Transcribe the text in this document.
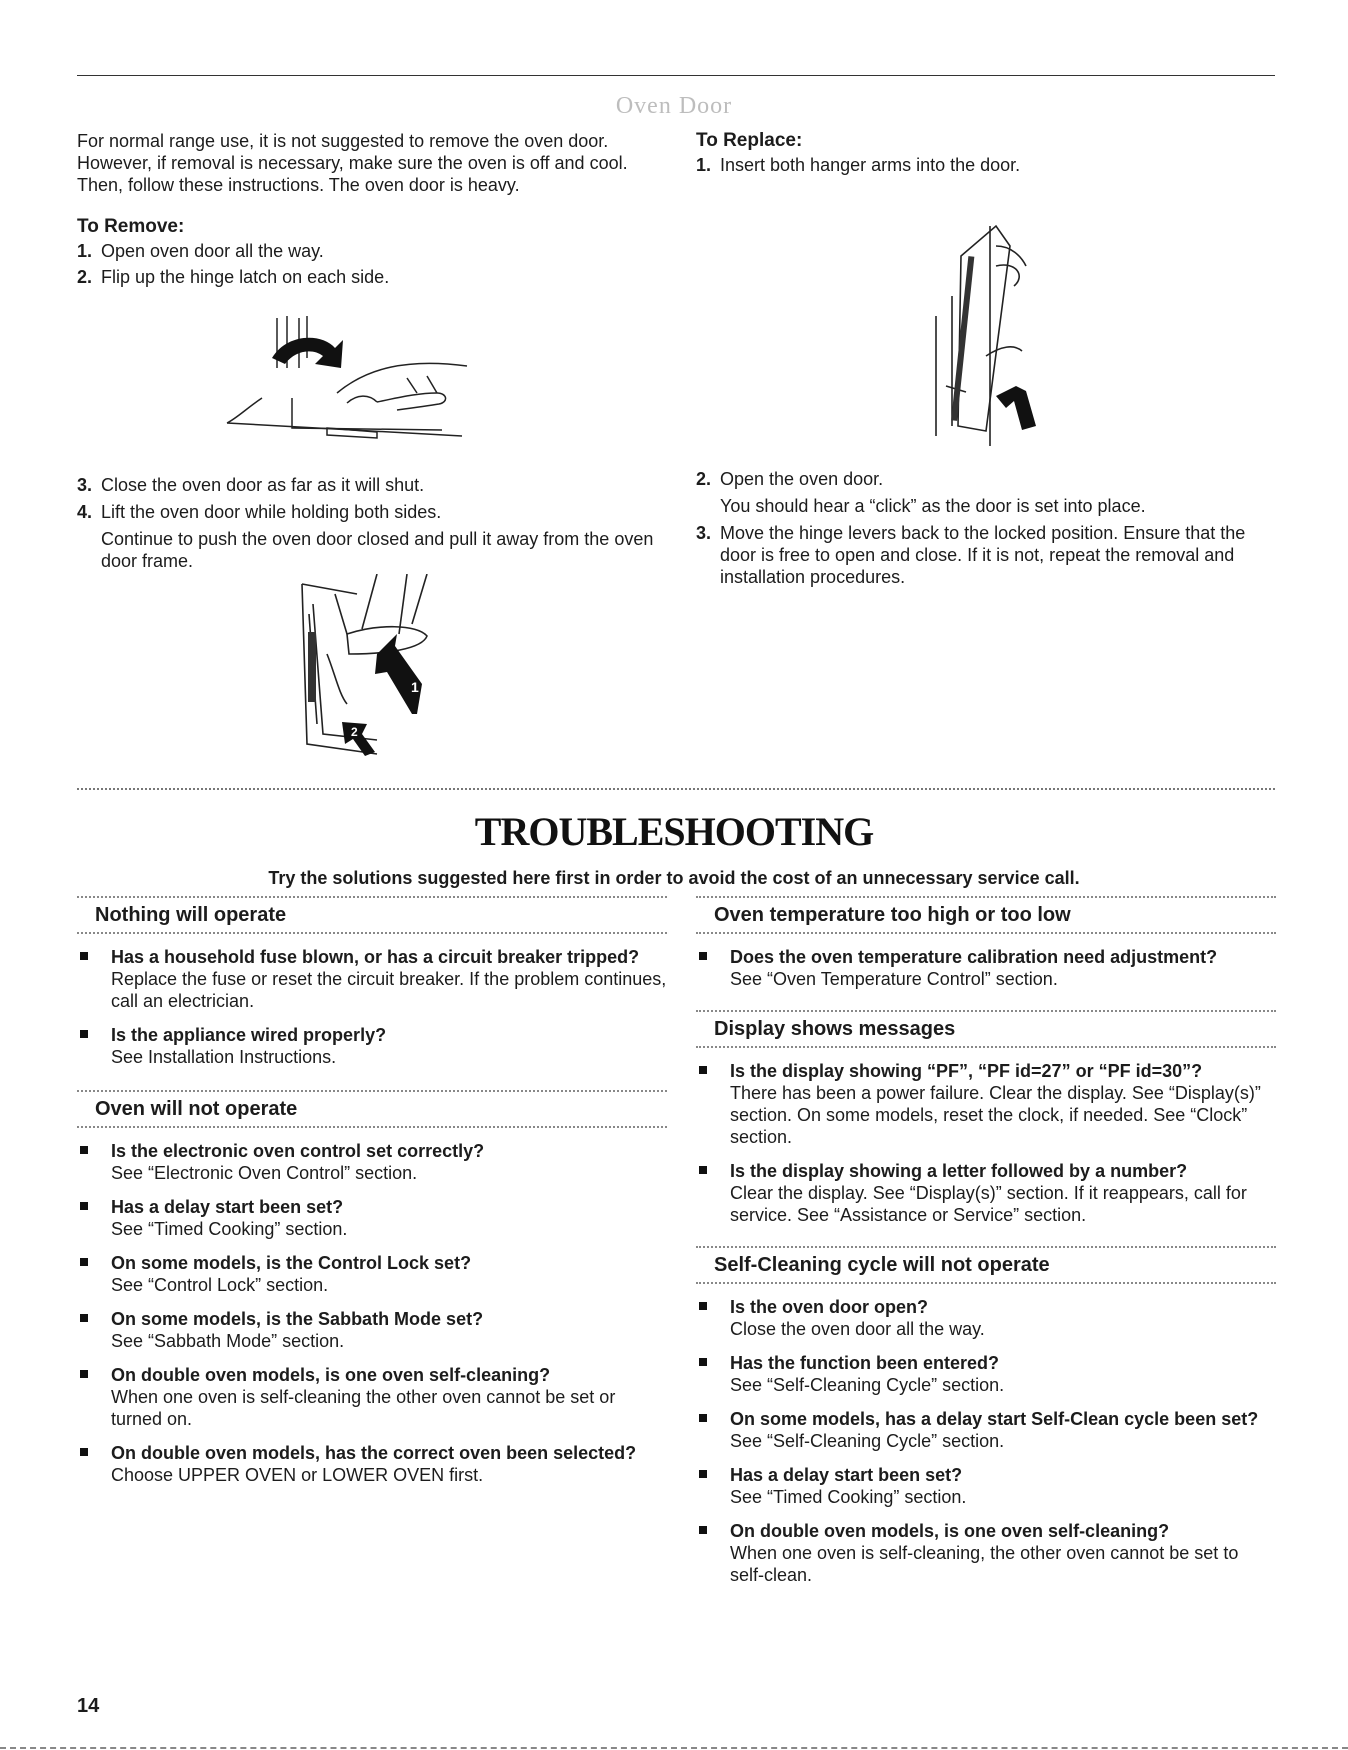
Oven Door

For normal range use, it is not suggested to remove the oven door. However, if removal is necessary, make sure the oven is off and cool. Then, follow these instructions. The oven door is heavy.

To Remove:
1. Open oven door all the way.
2. Flip up the hinge latch on each side.
3. Close the oven door as far as it will shut.
4. Lift the oven door while holding both sides.
Continue to push the oven door closed and pull it away from the oven door frame.
1
2
To Replace:
1. Insert both hanger arms into the door.
2. Open the oven door.
You should hear a “click” as the door is set into place.
3. Move the hinge levers back to the locked position. Ensure that the door is free to open and close. If it is not, repeat the removal and installation procedures.
TROUBLESHOOTING
Try the solutions suggested here first in order to avoid the cost of an unnecessary service call.
Nothing will operate
Has a household fuse blown, or has a circuit breaker tripped?
Replace the fuse or reset the circuit breaker. If the problem continues, call an electrician.
Is the appliance wired properly?
See Installation Instructions.
Oven will not operate
Is the electronic oven control set correctly?
See “Electronic Oven Control” section.
Has a delay start been set?
See “Timed Cooking” section.
On some models, is the Control Lock set?
See “Control Lock” section.
On some models, is the Sabbath Mode set?
See “Sabbath Mode” section.
On double oven models, is one oven self-cleaning?
When one oven is self-cleaning the other oven cannot be set or turned on.
On double oven models, has the correct oven been selected?
Choose UPPER OVEN or LOWER OVEN first.
Oven temperature too high or too low
Does the oven temperature calibration need adjustment?
See “Oven Temperature Control” section.
Display shows messages
Is the display showing “PF”, “PF id=27” or “PF id=30”?
There has been a power failure. Clear the display. See “Display(s)” section. On some models, reset the clock, if needed. See “Clock” section.
Is the display showing a letter followed by a number?
Clear the display. See “Display(s)” section. If it reappears, call for service. See “Assistance or Service” section.
Self-Cleaning cycle will not operate
Is the oven door open?
Close the oven door all the way.
Has the function been entered?
See “Self-Cleaning Cycle” section.
On some models, has a delay start Self-Clean cycle been set?
See “Self-Cleaning Cycle” section.
Has a delay start been set?
See “Timed Cooking” section.
On double oven models, is one oven self-cleaning?
When one oven is self-cleaning, the other oven cannot be set to self-clean.
14
